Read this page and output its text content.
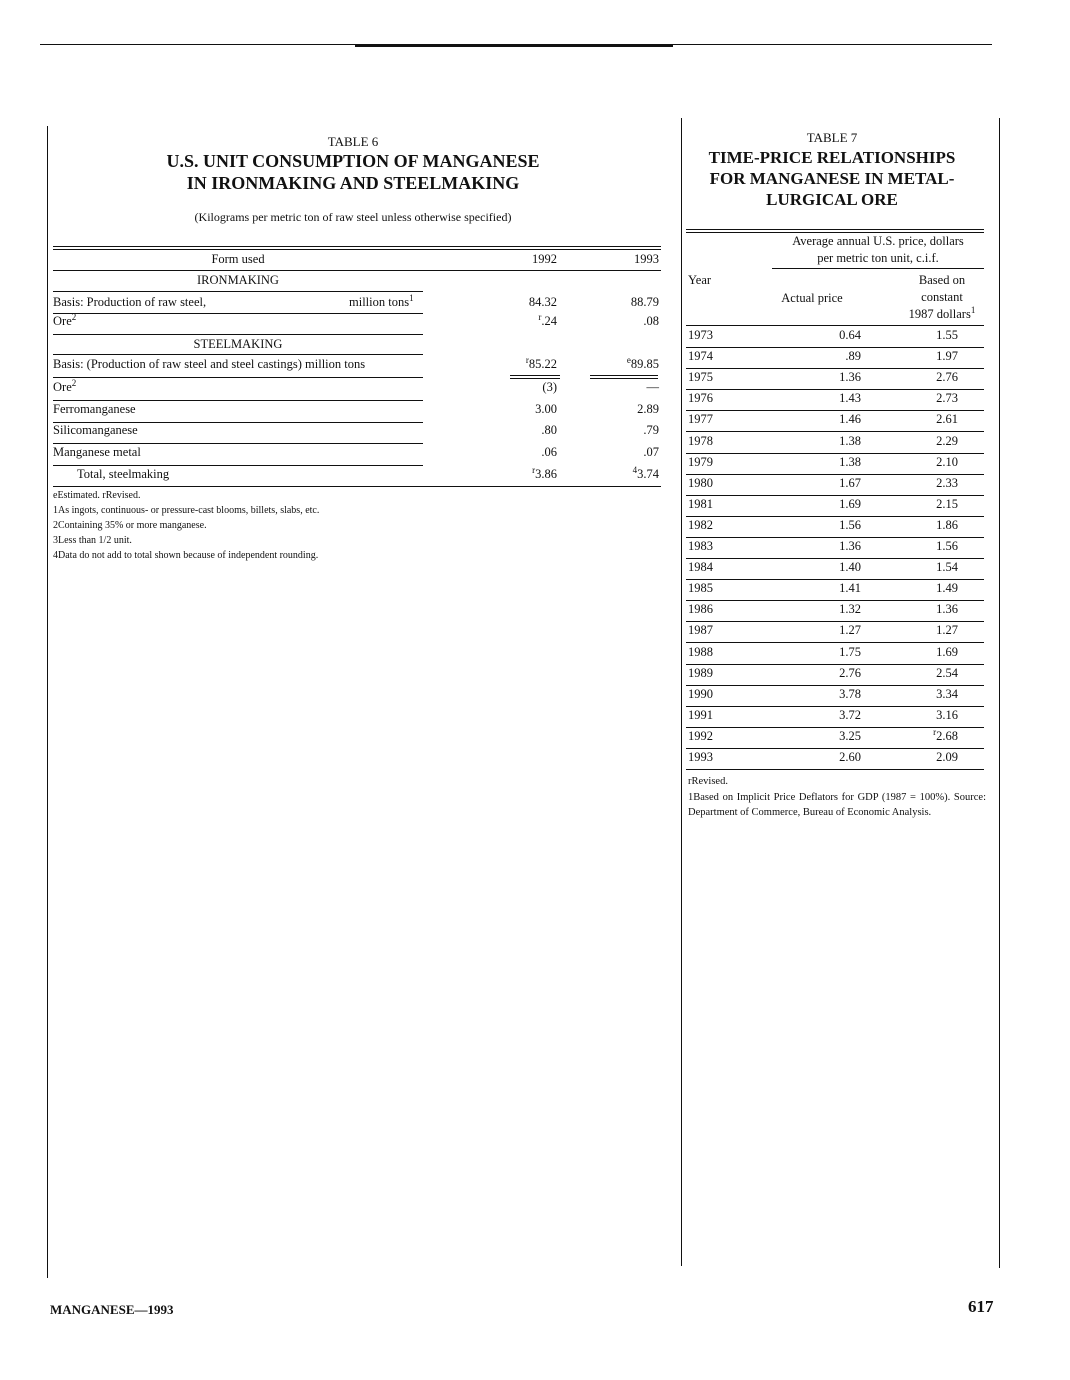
TABLE 6
U.S. UNIT CONSUMPTION OF MANGANESE
IN IRONMAKING AND STEELMAKING
(Kilograms per metric ton of raw steel unless otherwise specified)
Form used	1992	1993
IRONMAKING
Basis: Production of raw steel,	million tons$^1$	84.32	88.79
Ore$^2$	$^r$.24	.08
STEELMAKING
Basis: (Production of raw steel and steel castings) million tons	$^r$85.22	$^e$89.85
Ore$^2$	(3)	—
Ferromanganese	3.00	2.89
Silicomanganese	.80	.79
Manganese metal	.06	.07
Total, steelmaking	$^r$3.86	$^4$3.74
eEstimated. rRevised.
1As ingots, continuous- or pressure-cast blooms, billets, slabs, etc.
2Containing 35% or more manganese.
3Less than 1/2 unit.
4Data do not add to total shown because of independent rounding.
TABLE 7
TIME-PRICE RELATIONSHIPS
FOR MANGANESE IN METAL-
LURGICAL ORE
Average annual U.S. price, dollars
per metric ton unit, c.i.f.
Year
Actual price
Based on
constant
1987 dollars$^1$
1973	0.64	1.55
1974	.89	1.97
1975	1.36	2.76
1976	1.43	2.73
1977	1.46	2.61
1978	1.38	2.29
1979	1.38	2.10
1980	1.67	2.33
1981	1.69	2.15
1982	1.56	1.86
1983	1.36	1.56
1984	1.40	1.54
1985	1.41	1.49
1986	1.32	1.36
1987	1.27	1.27
1988	1.75	1.69
1989	2.76	2.54
1990	3.78	3.34
1991	3.72	3.16
1992	3.25	$^r$2.68
1993	2.60	2.09
rRevised.
1Based on Implicit Price Deflators for GDP (1987 = 100%). Source: Department of Commerce, Bureau of Economic Analysis.
MANGANESE—1993	617
